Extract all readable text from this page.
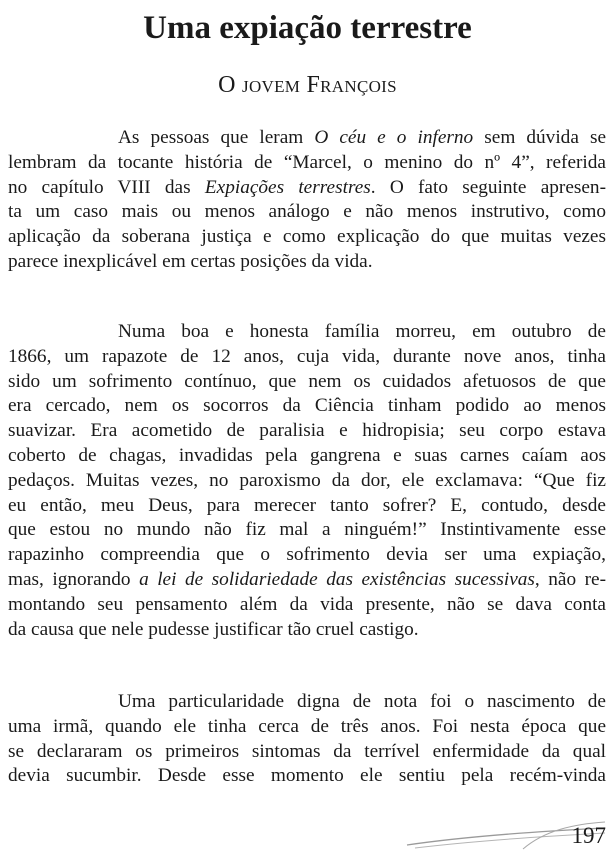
Uma expiação terrestre
O jovem François
As pessoas que leram O céu e o inferno sem dúvida se
lembram da tocante história de “Marcel, o menino do nº 4”, referida
no capítulo VIII das Expiações terrestres. O fato seguinte apresen-
ta um caso mais ou menos análogo e não menos instrutivo, como
aplicação da soberana justiça e como explicação do que muitas vezes
parece inexplicável em certas posições da vida.
Numa boa e honesta família morreu, em outubro de
1866, um rapazote de 12 anos, cuja vida, durante nove anos, tinha
sido um sofrimento contínuo, que nem os cuidados afetuosos de que
era cercado, nem os socorros da Ciência tinham podido ao menos
suavizar. Era acometido de paralisia e hidropisia; seu corpo estava
coberto de chagas, invadidas pela gangrena e suas carnes caíam aos
pedaços. Muitas vezes, no paroxismo da dor, ele exclamava: “Que fiz
eu então, meu Deus, para merecer tanto sofrer? E, contudo, desde
que estou no mundo não fiz mal a ninguém!” Instintivamente esse
rapazinho compreendia que o sofrimento devia ser uma expiação,
mas, ignorando a lei de solidariedade das existências sucessivas, não re-
montando seu pensamento além da vida presente, não se dava conta
da causa que nele pudesse justificar tão cruel castigo.
Uma particularidade digna de nota foi o nascimento de
uma irmã, quando ele tinha cerca de três anos. Foi nesta época que
se declararam os primeiros sintomas da terrível enfermidade da qual
devia sucumbir. Desde esse momento ele sentiu pela recém-vinda
197
